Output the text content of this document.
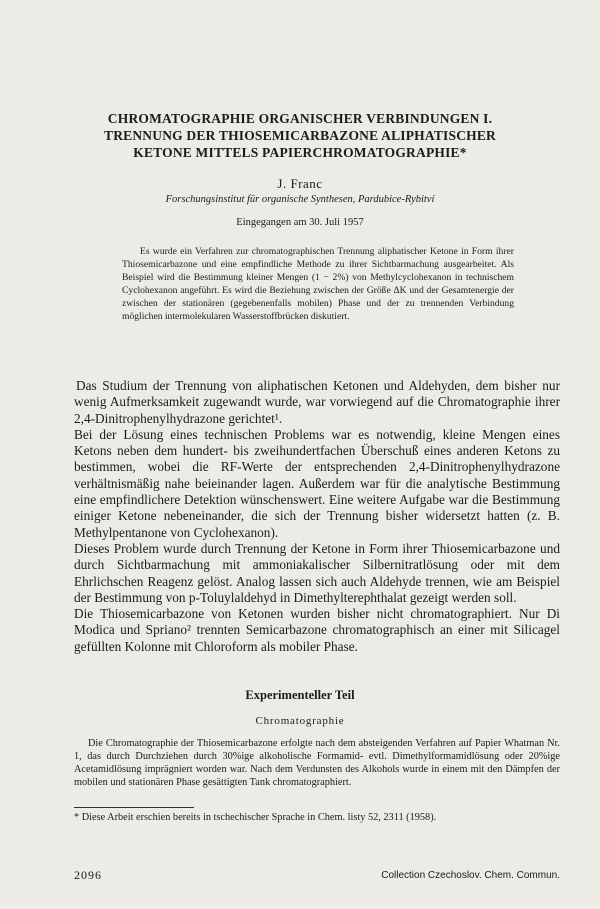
CHROMATOGRAPHIE ORGANISCHER VERBINDUNGEN I.
TRENNUNG DER THIOSEMICARBAZONE ALIPHATISCHER
KETONE MITTELS PAPIERCHROMATOGRAPHIE*
J. Franc
Forschungsinstitut für organische Synthesen, Pardubice-Rybitví
Eingegangen am 30. Juli 1957
Es wurde ein Verfahren zur chromatographischen Trennung aliphatischer Ketone in Form ihrer Thiosemicarbazone und eine empfindliche Methode zu ihrer Sichtbarmachung ausgearbeitet. Als Beispiel wird die Bestimmung kleiner Mengen (1 − 2%) von Methylcyclohexanon in technischem Cyclohexanon angeführt. Es wird die Beziehung zwischen der Größe ΔK und der Gesamtenergie der zwischen der stationären (gegebenenfalls mobilen) Phase und der zu trennenden Verbindung möglichen intermolekularen Wasserstoffbrücken diskutiert.

Das Studium der Trennung von aliphatischen Ketonen und Aldehyden, dem bisher nur wenig Aufmerksamkeit zugewandt wurde, war vorwiegend auf die Chromatographie ihrer 2,4-Dinitrophenylhydrazone gerichtet¹.

Bei der Lösung eines technischen Problems war es notwendig, kleine Mengen eines Ketons neben dem hundert- bis zweihundertfachen Überschuß eines anderen Ketons zu bestimmen, wobei die RF-Werte der entsprechenden 2,4-Dinitrophenylhydrazone verhältnismäßig nahe beieinander lagen. Außerdem war für die analytische Bestimmung eine empfindlichere Detektion wünschenswert. Eine weitere Aufgabe war die Bestimmung einiger Ketone nebeneinander, die sich der Trennung bisher widersetzt hatten (z. B. Methylpentanone von Cyclohexanon).

Dieses Problem wurde durch Trennung der Ketone in Form ihrer Thiosemicarbazone und durch Sichtbarmachung mit ammoniakalischer Silbernitratlösung oder mit dem Ehrlichschen Reagenz gelöst. Analog lassen sich auch Aldehyde trennen, wie am Beispiel der Bestimmung von p-Toluylaldehyd in Dimethylterephthalat gezeigt werden soll.

Die Thiosemicarbazone von Ketonen wurden bisher nicht chromatographiert. Nur Di Modica und Spriano² trennten Semicarbazone chromatographisch an einer mit Silicagel gefüllten Kolonne mit Chloroform als mobiler Phase.

Experimenteller Teil
Chromatographie
Die Chromatographie der Thiosemicarbazone erfolgte nach dem absteigenden Verfahren auf Papier Whatman Nr. 1, das durch Durchziehen durch 30%ige alkoholische Formamid- evtl. Dimethylformamidlösung oder 20%ige Acetamidlösung imprägniert worden war. Nach dem Verdunsten des Alkohols wurde in einem mit den Dämpfen der mobilen und stationären Phase gesättigten Tank chromatographiert.
* Diese Arbeit erschien bereits in tschechischer Sprache in Chem. listy 52, 2311 (1958).
2096	Collection Czechoslov. Chem. Commun.
